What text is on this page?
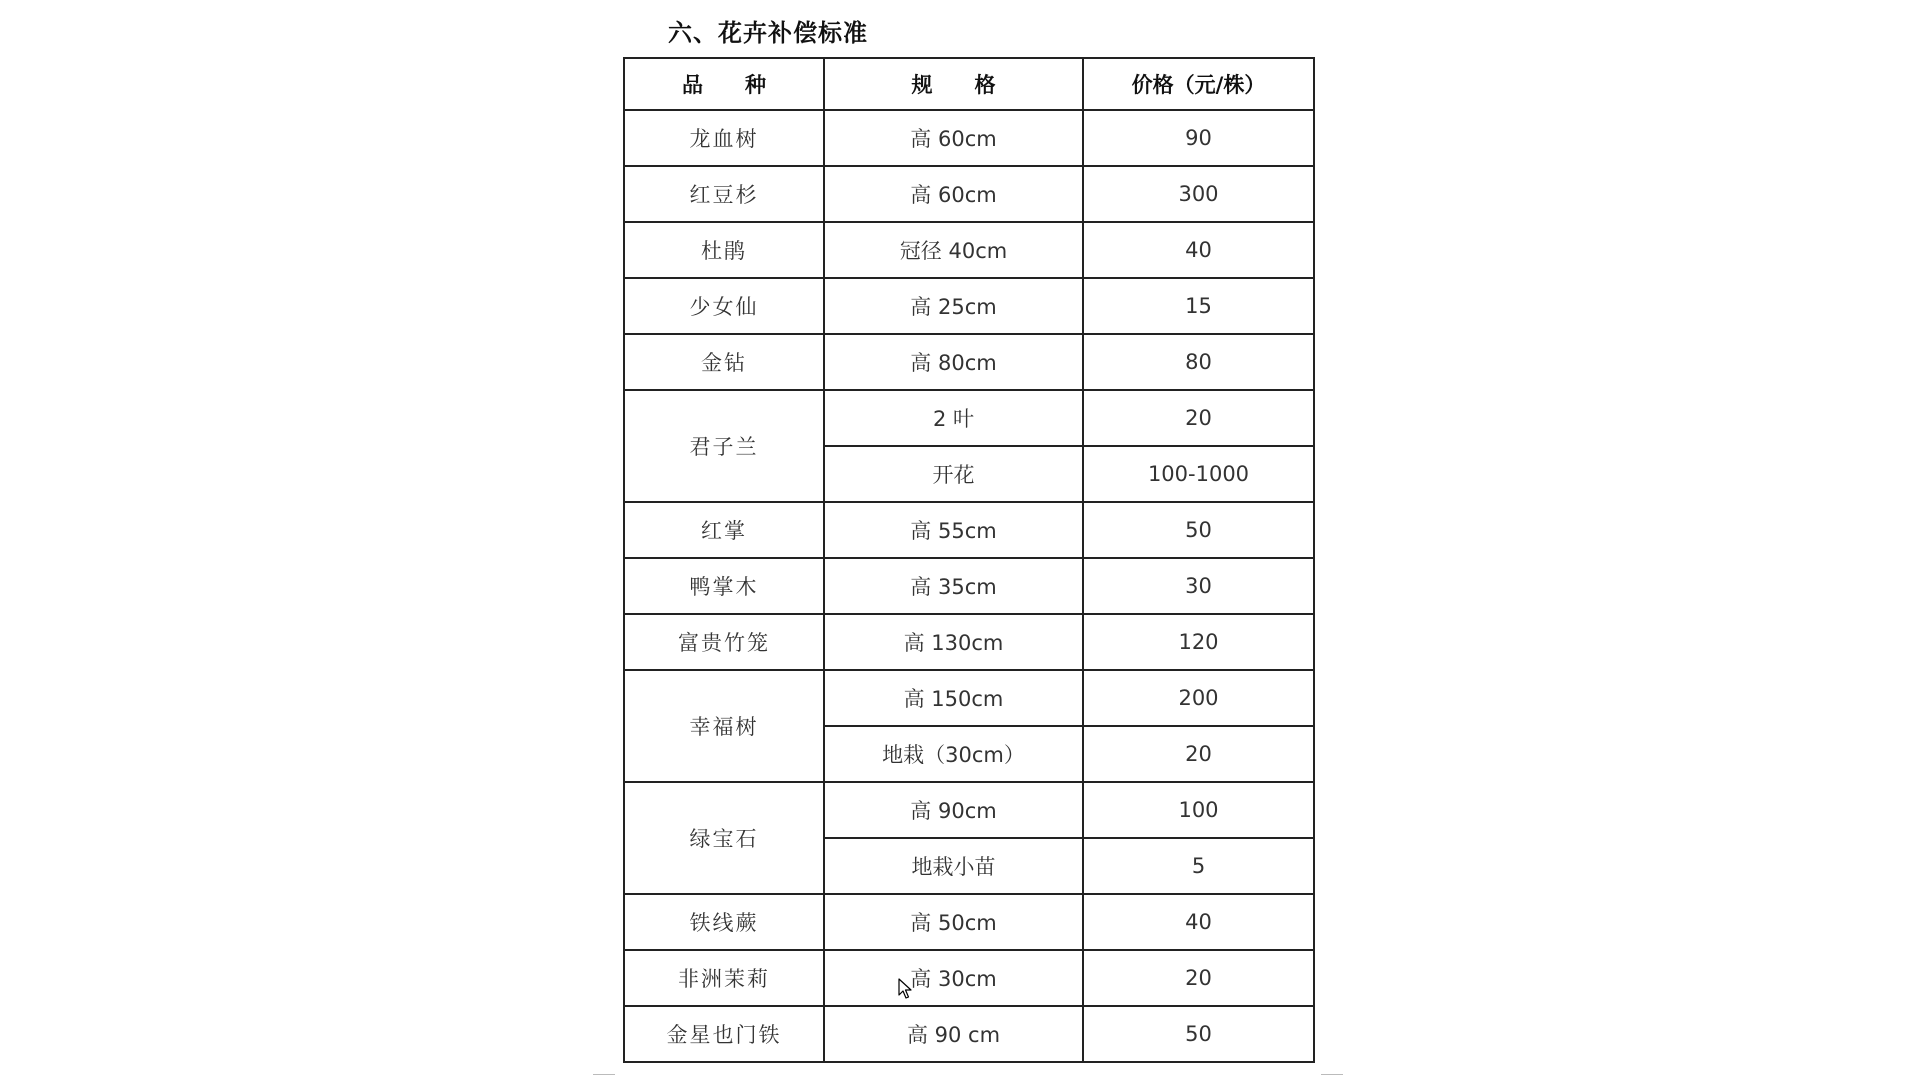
六、花卉补偿标准
品　　种	规　　格	价格（元/株）
龙血树	高 60cm	90
红豆杉	高 60cm	300
杜鹃	冠径 40cm	40
少女仙	高 25cm	15
金钻	高 80cm	80
君子兰	2 叶	20
	开花	100-1000
红掌	高 55cm	50
鸭掌木	高 35cm	30
富贵竹笼	高 130cm	120
幸福树	高 150cm	200
	地栽（30cm）	20
绿宝石	高 90cm	100
	地栽小苗	5
铁线蕨	高 50cm	40
非洲茉莉	高 30cm	20
金星也门铁	高 90 cm	50
